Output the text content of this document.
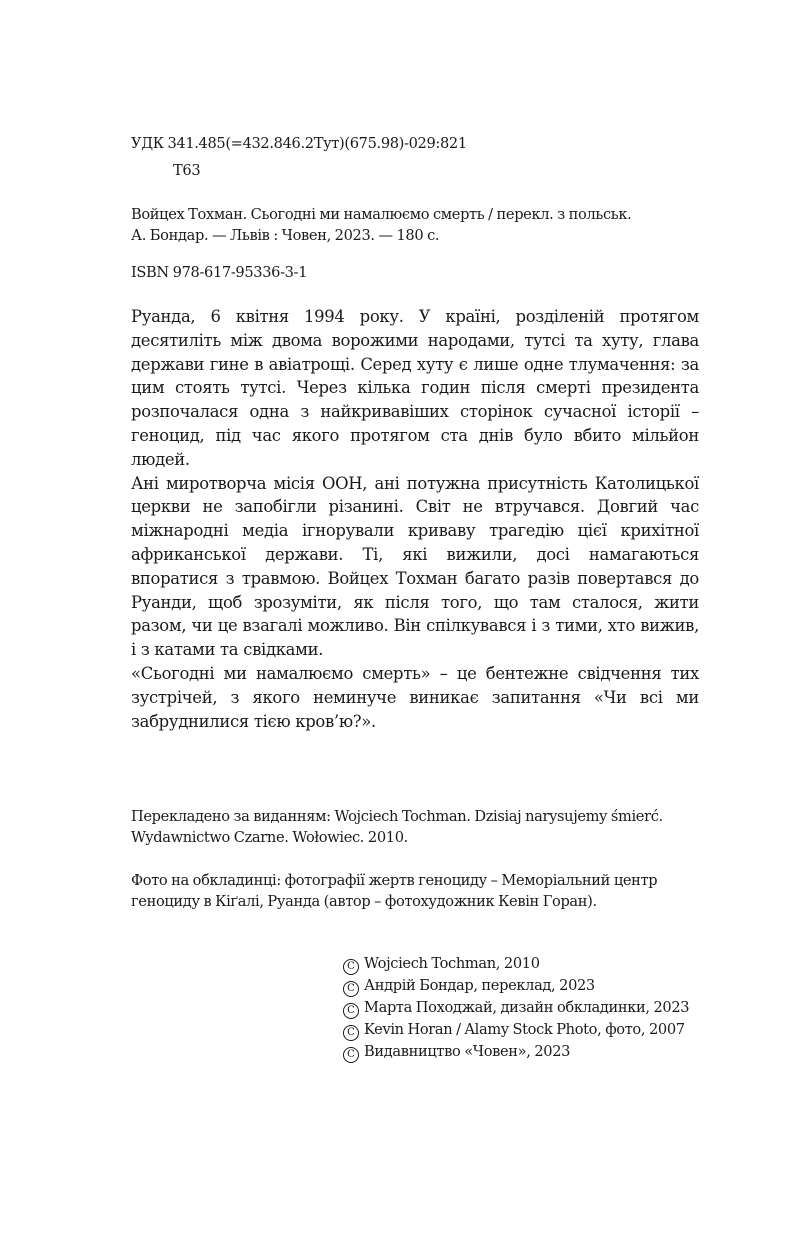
УДК 341.485(=432.846.2Тут)(675.98)-029:821
Т63
Войцех Тохман. Сьогодні ми намалюємо смерть / перекл. з польськ.
А. Бондар. — Львів : Човен, 2023. — 180 с.
ISBN 978-617-95336-3-1

Руанда, 6 квітня 1994 року. У країні, розділеній протягом десятиліть між двома ворожими народами, тутсі та хуту, глава держави гине в авіатрощі. Серед хуту є лише одне тлумачення: за цим стоять тутсі. Через кілька годин після смерті президента розпочалася одна з найкривавіших сторінок сучасної історії – геноцид, під час якого протягом ста днів було вбито мільйон людей.

Ані миротворча місія ООН, ані потужна присутність Католицької церкви не запобігли різанині. Світ не втручався. Довгий час міжнародні медіа ігнорували криваву трагедію цієї крихітної африканської держави. Ті, які вижили, досі намагаються впоратися з травмою. Войцех Тохман багато разів повертався до Руанди, щоб зрозуміти, як після того, що там сталося, жити разом, чи це взагалі можливо. Він спілкувався і з тими, хто вижив, і з катами та свідками.

«Сьогодні ми намалюємо смерть» – це бентежне свідчення тих зустрічей, з якого неминуче виникає запитання «Чи всі ми забруднилися тією кров’ю?».

Перекладено за виданням: Wojciech Tochman. Dzisiaj narysujemy śmierć.
Wydawnictwo Czarne. Wołowiec. 2010.
Фото на обкладинці: фотографії жертв геноциду – Меморіальний центр
геноциду в Кіґалі, Руанда (автор – фотохудожник Кевін Горан).
C Wojciech Tochman, 2010
C Андрій Бондар, переклад, 2023
C Марта Походжай, дизайн обкладинки, 2023
C Kevin Horan / Alamy Stock Photo, фото, 2007
C Видавництво «Човен», 2023
